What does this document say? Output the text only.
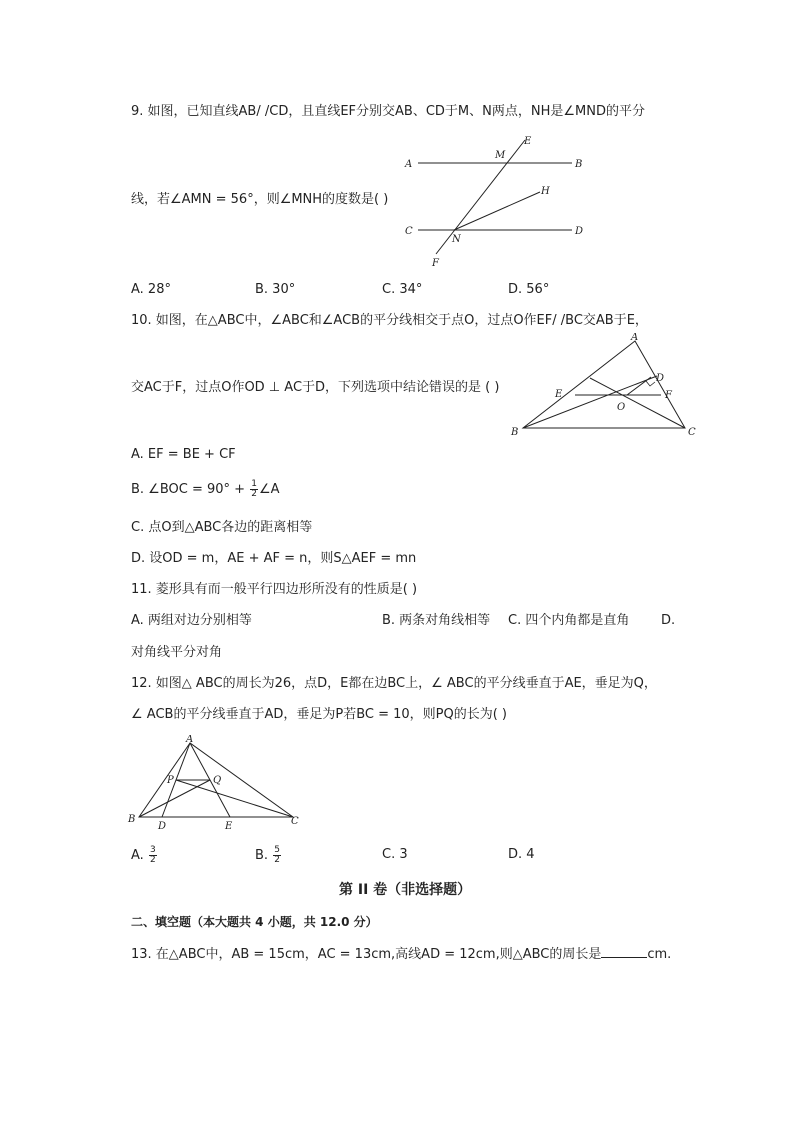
9. 如图，已知直线AB/ /CD，且直线EF分别交AB、CD于M、N两点，NH是∠MND的平分
A	B
C	D
E
F
H
M
N
线，若∠AMN = 56°，则∠MNH的度数是( )
A. 28°	B. 30°	C. 34°	D. 56°
10. 如图，在△ABC中，∠ABC和∠ACB的平分线相交于点O，过点O作EF/ /BC交AB于E，
A
B	C
D
E	F
O
交AC于F，过点O作OD ⊥ AC于D，下列选项中结论错误的是 ( )
A. EF = BE + CF
B. ∠BOC = $90^\circ + \frac{1}{2}$ ∠A
C. 点O到△ABC各边的距离相等
D. 设OD = m，AE + AF = n，则S△AEF = mn
11. 菱形具有而一般平行四边形所没有的性质是( )
A. 两组对边分别相等	B. 两条对角线相等 C. 四个内角都是直角 D.
对角线平分对角
12. 如图△ ABC的周长为26，点D，E都在边BC上，∠ ABC的平分线垂直于AE，垂足为Q，
∠ ACB的平分线垂直于AD，垂足为P若BC = 10，则PQ的长为( )
A
B	C
D	E
P	Q
A. $\frac{3}{2}$	B. $\frac{5}{2}$	C. 3	D. 4
第 II 卷（非选择题）
二、填空题（本大题共 4 小题，共 12.0 分）
13. 在△ABC中，AB = 15cm，AC = 13cm,高线AD = 12cm,则△ABC的周长是	cm.
